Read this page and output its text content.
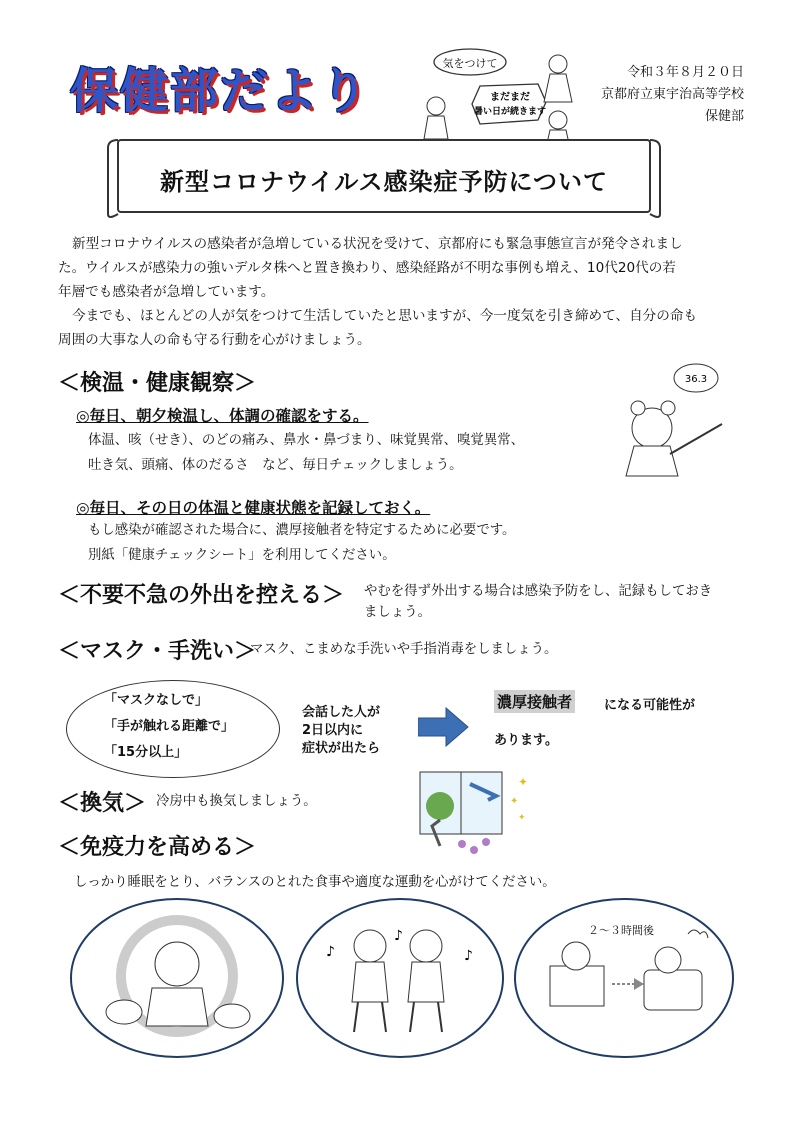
保健部だより	気をつけて
まだまだ
暑い日が続きます
令和３年８月２０日
京都府立東宇治高等学校
保健部
新型コロナウイルス感染症予防について
新型コロナウイルスの感染者が急増している状況を受けて、京都府にも緊急事態宣言が発令されまし
た。ウイルスが感染力の強いデルタ株へと置き換わり、感染経路が不明な事例も増え、10代20代の若
年層でも感染者が急増しています。
今までも、ほとんどの人が気をつけて生活していたと思いますが、今一度気を引き締めて、自分の命も
周囲の大事な人の命も守る行動を心がけましょう。
＜検温・健康観察＞
◎毎日、朝夕検温し、体調の確認をする。
体温、咳（せき）、のどの痛み、鼻水・鼻づまり、味覚異常、嗅覚異常、
吐き気、頭痛、体のだるさ　など、毎日チェックしましょう。
◎毎日、その日の体温と健康状態を記録しておく。
もし感染が確認された場合に、濃厚接触者を特定するために必要です。
別紙「健康チェックシート」を利用してください。
36.3
＜不要不急の外出を控える＞ やむを得ず外出する場合は感染予防をし、記録もしておき
ましょう。
＜マスク・手洗い＞
マスク、こまめな手洗いや手指消毒をしましょう。
「マスクなしで」
「手が触れる距離で」
「15分以上」
会話した人が
2日以内に
症状が出たら
濃厚接触者 になる可能性が
あります。
＜換気＞ 冷房中も換気しましょう。
✦
✦
✦
＜免疫力を高める＞
しっかり睡眠をとり、バランスのとれた食事や適度な運動を心がけてください。
♪
♪
♪
２～３時間後
